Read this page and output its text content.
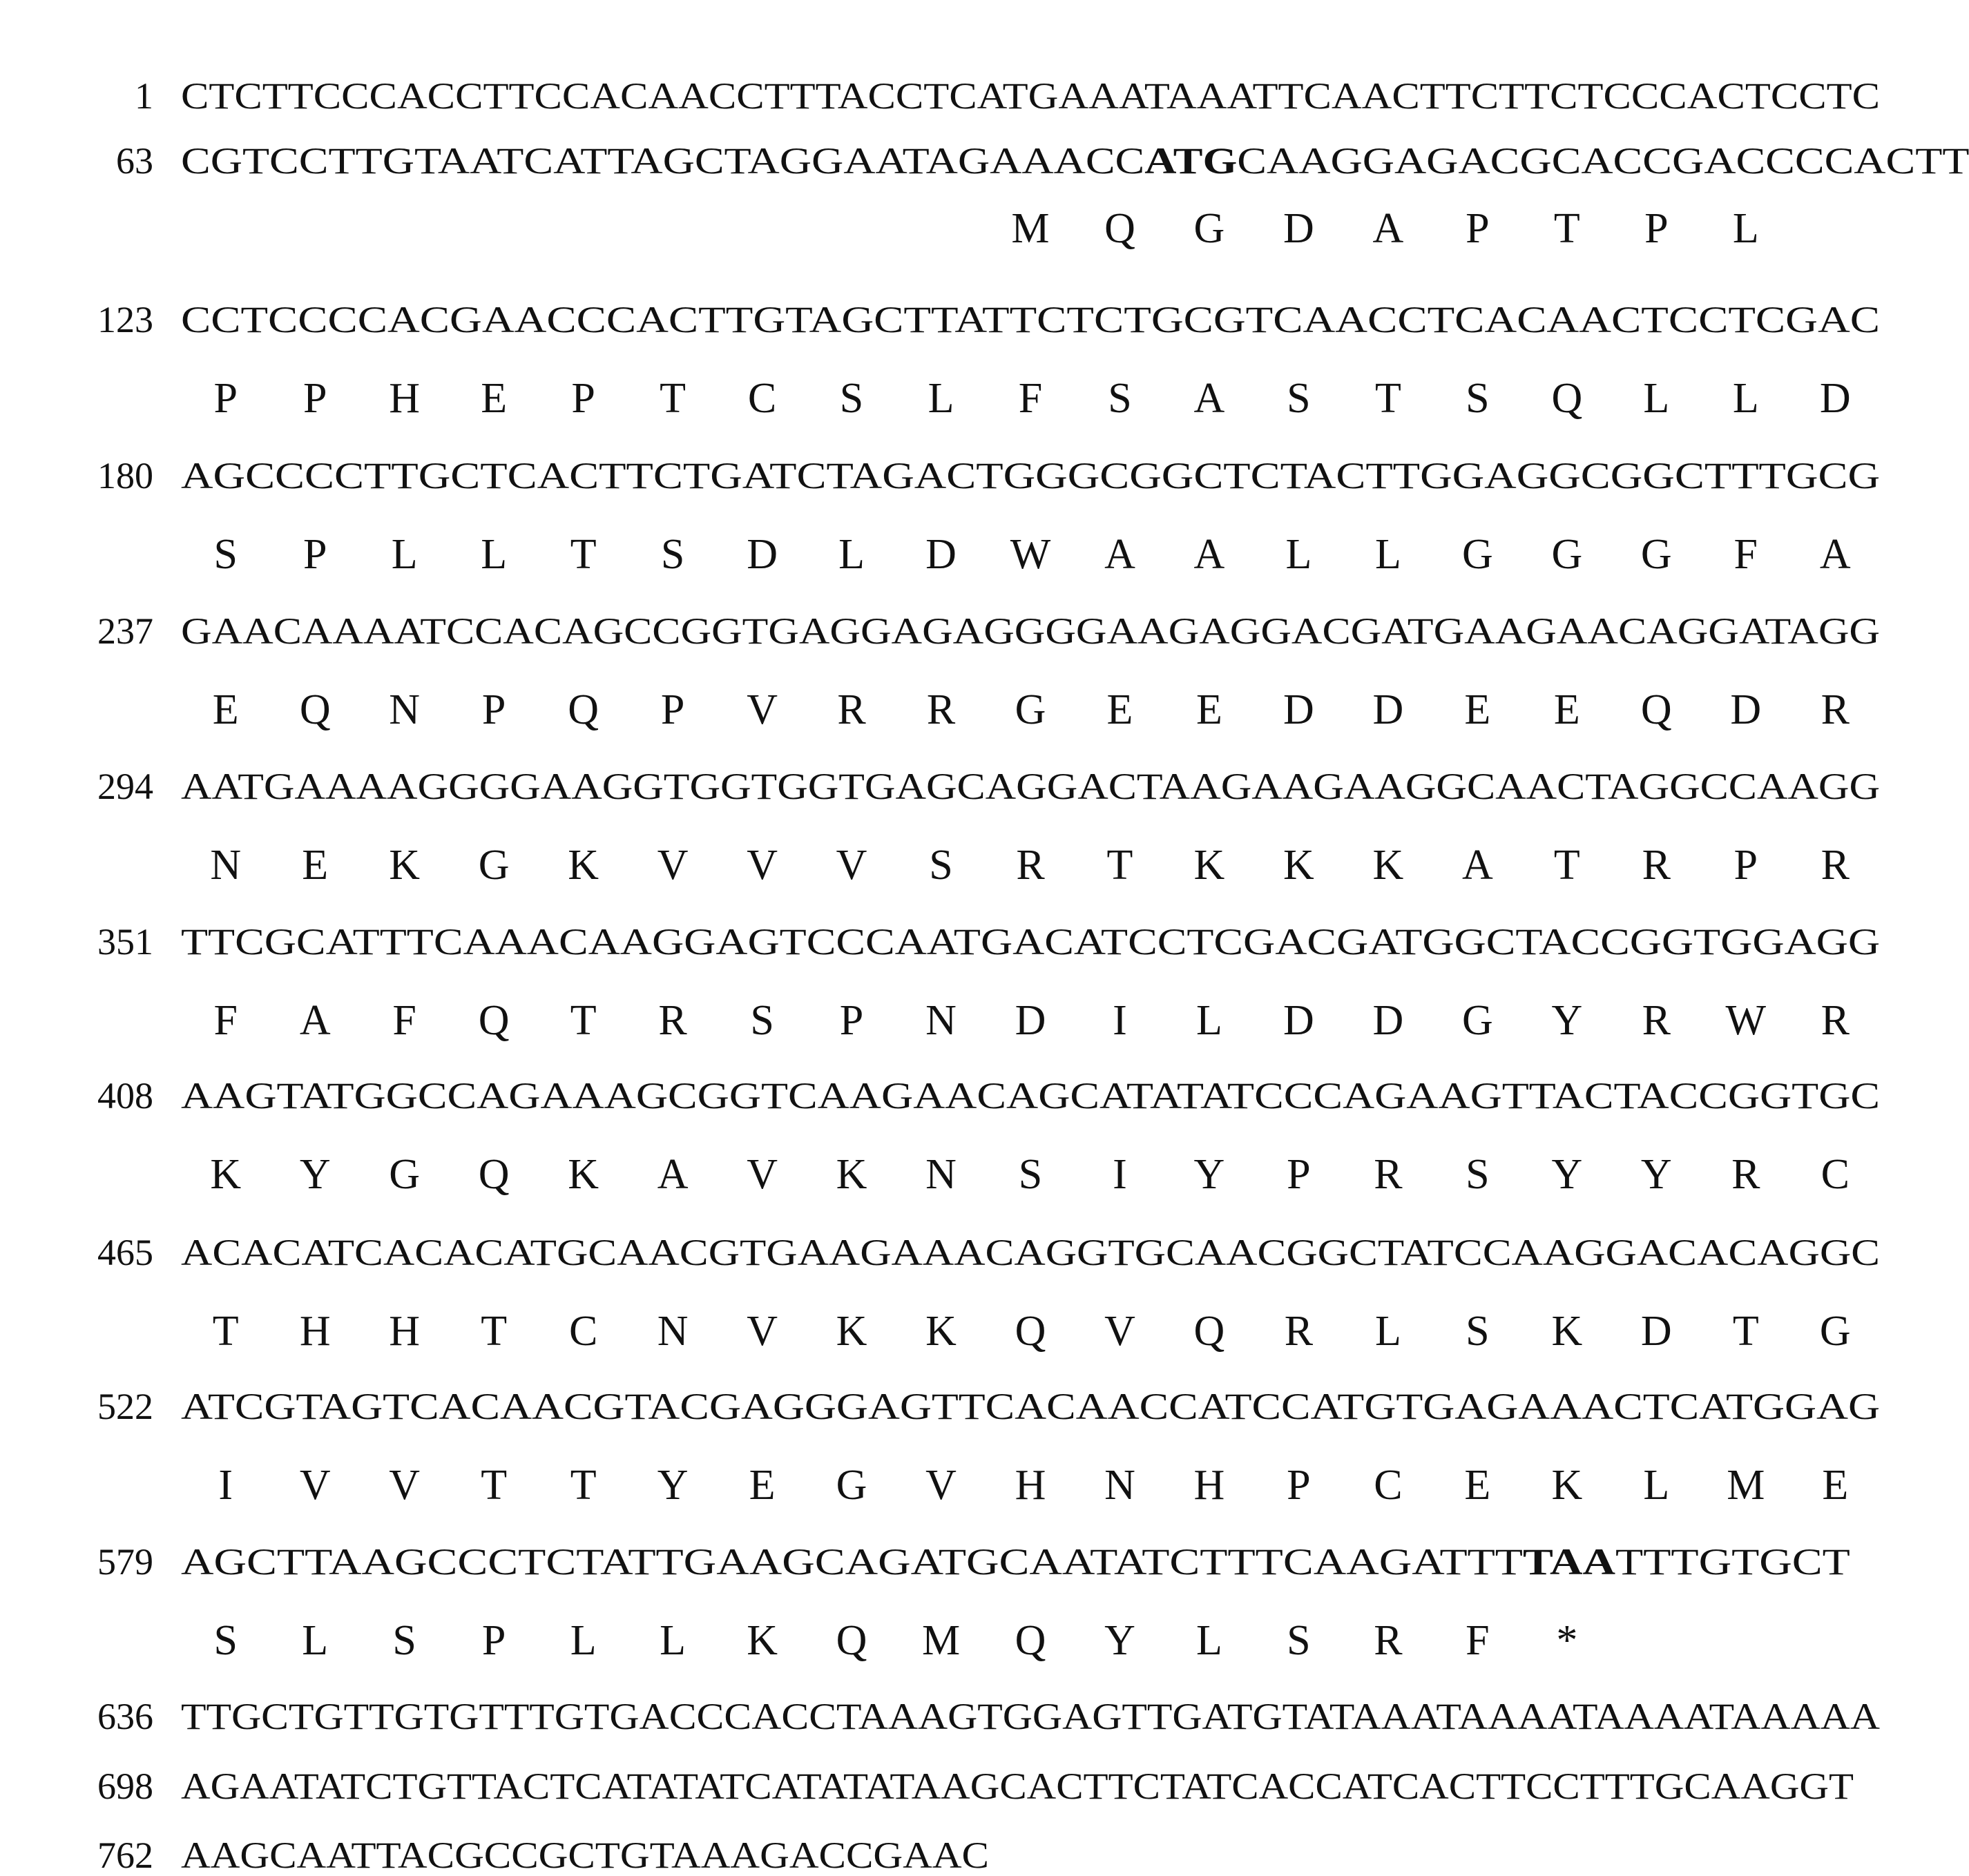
1 CTCTTCCCACCTTCCACAACCTTTACCTCATGAAATAAATTCAACTTCTTCTCCCACTCCTC
63 CGTCCTTGTAATCATTAGCTAGGAATAGAAACCATGCAAGGAGACGCACCGACCCCACTT
M	Q	G	D	A	P	T	P	L
123 CCTCCCCACGAACCCACTTGTAGCTTATTCTCTGCGTCAACCTCACAACTCCTCGAC
P	P	H	E	P	T	C	S	L	F	S	A	S	T	S	Q	L	L	D
180 AGCCCCTTGCTCACTTCTGATCTAGACTGGGCGGCTCTACTTGGAGGCGGCTTTGCG
S	P	L	L	T	S	D	L	D	W	A	A	L	L	G	G	G	F	A
237 GAACAAAATCCACAGCCGGTGAGGAGAGGGGAAGAGGACGATGAAGAACAGGATAGG
E	Q	N	P	Q	P	V	R	R	G	E	E	D	D	E	E	Q	D	R
294 AATGAAAAGGGGAAGGTGGTGGTGAGCAGGACTAAGAAGAAGGCAACTAGGCCAAGG
N	E	K	G	K	V	V	V	S	R	T	K	K	K	A	T	R	P	R
351 TTCGCATTTCAAACAAGGAGTCCCAATGACATCCTCGACGATGGCTACCGGTGGAGG
F	A	F	Q	T	R	S	P	N	D	I	L	D	D	G	Y	R	W	R
408 AAGTATGGCCAGAAAGCGGTCAAGAACAGCATATATCCCAGAAGTTACTACCGGTGC
K	Y	G	Q	K	A	V	K	N	S	I	Y	P	R	S	Y	Y	R	C
465 ACACATCACACATGCAACGTGAAGAAACAGGTGCAACGGCTATCCAAGGACACAGGC
T	H	H	T	C	N	V	K	K	Q	V	Q	R	L	S	K	D	T	G
522 ATCGTAGTCACAACGTACGAGGGAGTTCACAACCATCCATGTGAGAAACTCATGGAG
I	V	V	T	T	Y	E	G	V	H	N	H	P	C	E	K	L	M	E
579 AGCTTAAGCCCTCTATTGAAGCAGATGCAATATCTTTCAAGATTTTAATTTGTGCT
S	L	S	P	L	L	K	Q	M	Q	Y	L	S	R	F	*
636 TTGCTGTTGTGTTTGTGACCCACCTAAAGTGGAGTTGATGTATAAATAAAATAAAATAAAAA
698 AGAATATCTGTTACTCATATATCATATATAAGCACTTCTATCACCATCACTTCCTTTGCAAGGT
762 AAGCAATTACGCCGCTGTAAAGACCGAAC
